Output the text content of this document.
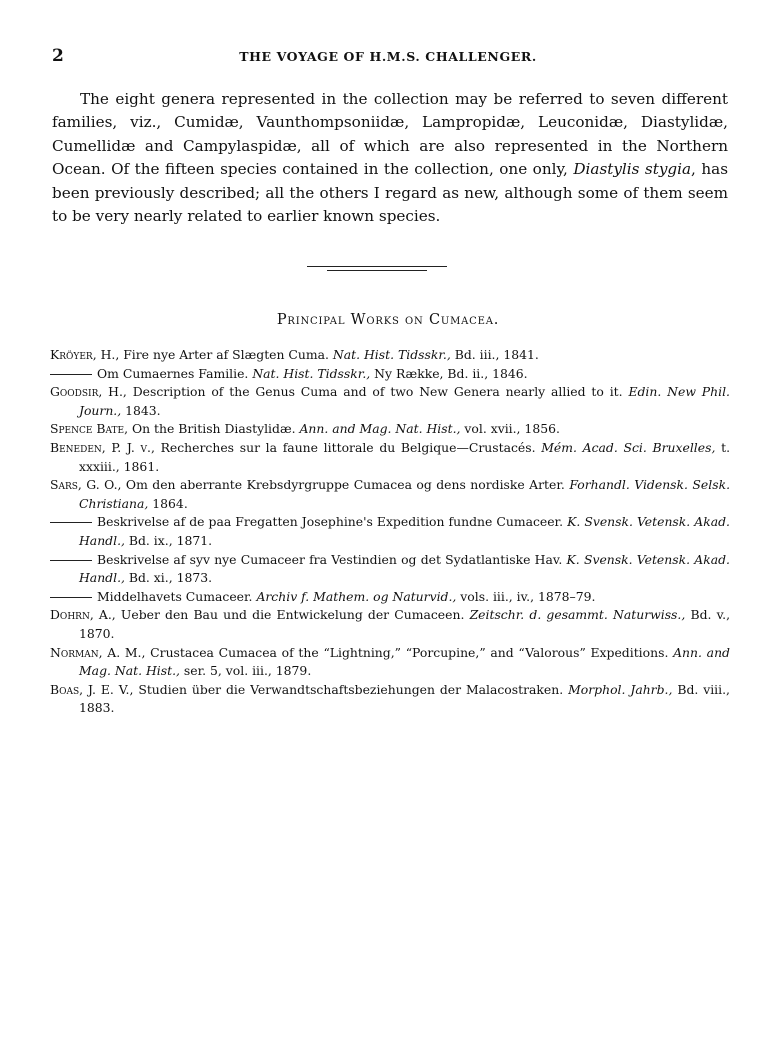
2	THE VOYAGE OF H.M.S. CHALLENGER.

The eight genera represented in the collection may be referred to seven different families, viz., Cumidæ, Vaunthompsoniidæ, Lampropidæ, Leuconidæ, Diastylidæ, Cumellidæ and Campylaspidæ, all of which are also represented in the Northern Ocean. Of the fifteen species contained in the collection, one only, Diastylis stygia, has been previously described; all the others I regard as new, although some of them seem to be very nearly related to earlier known species.

Principal Works on Cumacea.
Kröyer, H., Fire nye Arter af Slægten Cuma. Nat. Hist. Tidsskr., Bd. iii., 1841.
Om Cumaernes Familie. Nat. Hist. Tidsskr., Ny Række, Bd. ii., 1846.
Goodsir, H., Description of the Genus Cuma and of two New Genera nearly allied to it. Edin. New Phil. Journ., 1843.
Spence Bate, On the British Diastylidæ. Ann. and Mag. Nat. Hist., vol. xvii., 1856.
Beneden, P. J. v., Recherches sur la faune littorale du Belgique—Crustacés. Mém. Acad. Sci. Bruxelles, t. xxxiii., 1861.
Sars, G. O., Om den aberrante Krebsdyrgruppe Cumacea og dens nordiske Arter. Forhandl. Vidensk. Selsk. Christiana, 1864.
Beskrivelse af de paa Fregatten Josephine's Expedition fundne Cumaceer. K. Svensk. Vetensk. Akad. Handl., Bd. ix., 1871.
Beskrivelse af syv nye Cumaceer fra Vestindien og det Sydatlantiske Hav. K. Svensk. Vetensk. Akad. Handl., Bd. xi., 1873.
Middelhavets Cumaceer. Archiv f. Mathem. og Naturvid., vols. iii., iv., 1878–79.
Dohrn, A., Ueber den Bau und die Entwickelung der Cumaceen. Zeitschr. d. gesammt. Naturwiss., Bd. v., 1870.
Norman, A. M., Crustacea Cumacea of the “Lightning,” “Porcupine,” and “Valorous” Expeditions. Ann. and Mag. Nat. Hist., ser. 5, vol. iii., 1879.
Boas, J. E. V., Studien über die Verwandtschaftsbeziehungen der Malacostraken. Morphol. Jahrb., Bd. viii., 1883.
